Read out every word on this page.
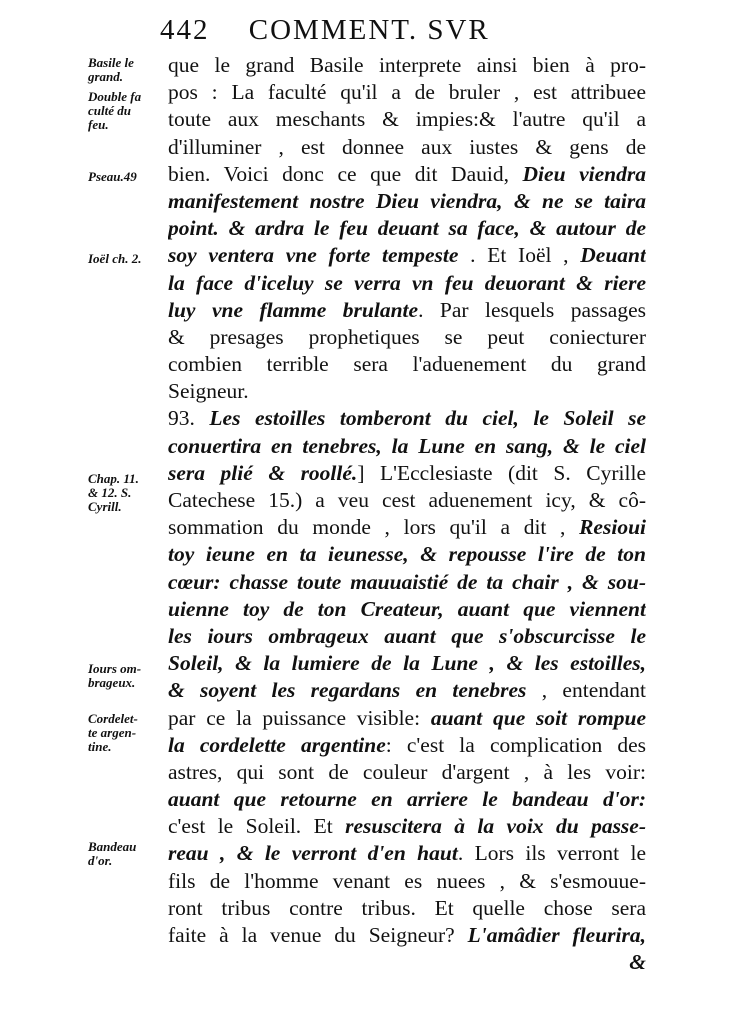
442 COMMENT. SVR
Basile le
grand.
Double fa
culté du
feu.
Pseau.49
Ioël ch. 2.
Chap. 11.
& 12. S.
Cyrill.
Iours om-
brageux.
Cordelet-
te argen-
tine.
Bandeau
d'or.
que le grand Basile interprete ainsi bien à pro-
pos : La faculté qu'il a de bruler , est attribuee
toute aux meschants & impies:& l'autre qu'il a
d'illuminer , est donnee aux iustes & gens de
bien. Voici donc ce que dit Dauid, Dieu viendra
manifestement nostre Dieu viendra, & ne se taira
point. & ardra le feu deuant sa face, & autour de
soy ventera vne forte tempeste . Et Ioël , Deuant
la face d'iceluy se verra vn feu deuorant & riere
luy vne flamme brulante. Par lesquels passages
& presages prophetiques se peut coniecturer
combien terrible sera l'aduenement du grand
Seigneur.
93. Les estoilles tomberont du ciel, le Soleil se
conuertira en tenebres, la Lune en sang, & le ciel
sera plié & roollé.] L'Ecclesiaste (dit S. Cyrille
Catechese 15.) a veu cest aduenement icy, & cô-
sommation du monde , lors qu'il a dit , Resioui
toy ieune en ta ieunesse, & repousse l'ire de ton
cœur: chasse toute mauuaistié de ta chair , & sou-
uienne toy de ton Createur, auant que viennent
les iours ombrageux auant que s'obscurcisse le
Soleil, & la lumiere de la Lune , & les estoilles,
& soyent les regardans en tenebres , entendant
par ce la puissance visible: auant que soit rompue
la cordelette argentine: c'est la complication des
astres, qui sont de couleur d'argent , à les voir:
auant que retourne en arriere le bandeau d'or:
c'est le Soleil. Et resuscitera à la voix du passe-
reau , & le verront d'en haut. Lors ils verront le
fils de l'homme venant es nuees , & s'esmouue-
ront tribus contre tribus. Et quelle chose sera
faite à la venue du Seigneur? L'amâdier fleurira,
&
